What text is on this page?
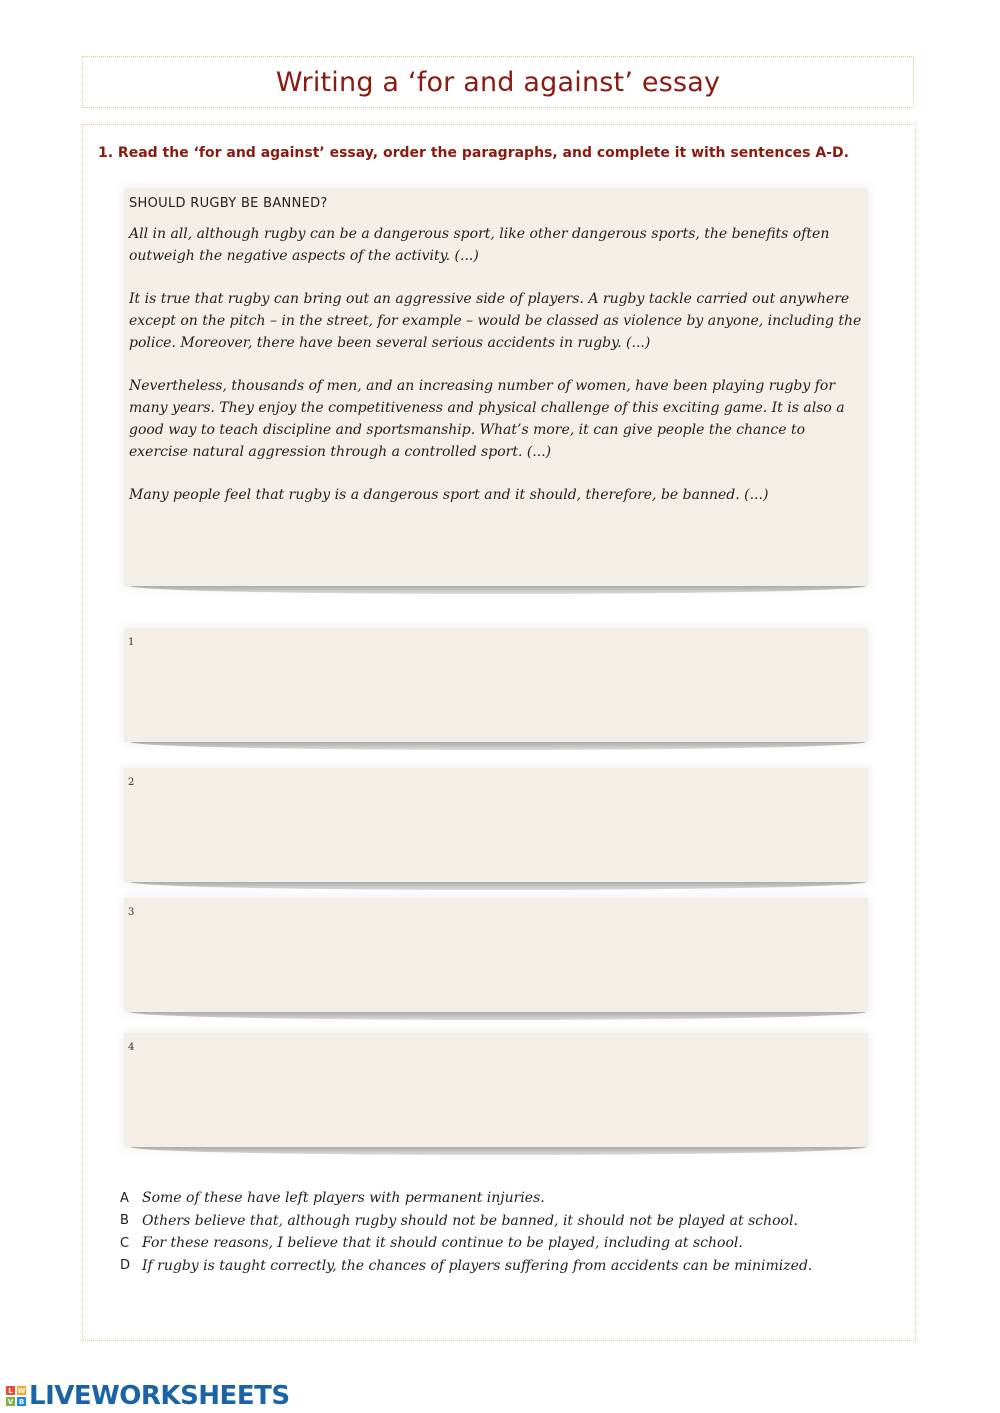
Writing a ‘for and against’ essay

1. Read the ‘for and against’ essay, order the paragraphs, and complete it with sentences A-D.

SHOULD RUGBY BE BANNED?

All in all, although rugby can be a dangerous sport, like other dangerous sports, the benefits often outweigh the negative aspects of the activity. (...)

It is true that rugby can bring out an aggressive side of players. A rugby tackle carried out anywhere except on the pitch – in the street, for example – would be classed as violence by anyone, including the police. Moreover, there have been several serious accidents in rugby. (...)

Nevertheless, thousands of men, and an increasing number of women, have been playing rugby for many years. They enjoy the competitiveness and physical challenge of this exciting game. It is also a good way to teach discipline and sportsmanship. What’s more, it can give people the chance to exercise natural aggression through a controlled sport. (...)

Many people feel that rugby is a dangerous sport and it should, therefore, be banned. (...)

1
2
3
4
A Some of these have left players with permanent injuries.
B Others believe that, although rugby should not be banned, it should not be played at school.
C For these reasons, I believe that it should continue to be played, including at school.
D If rugby is taught correctly, the chances of players suffering from accidents can be minimized.
L W
V B LIVEWORKSHEETS
